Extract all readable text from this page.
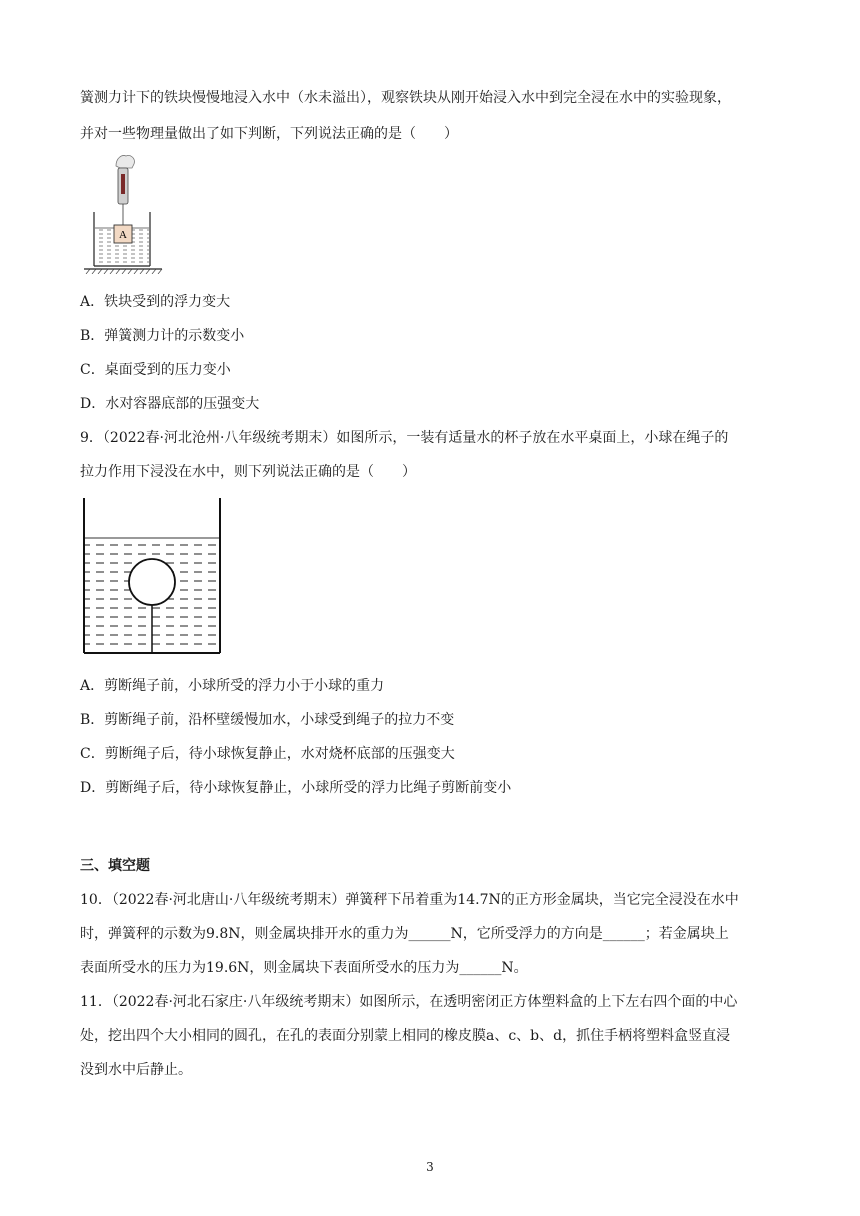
簧测力计下的铁块慢慢地浸入水中（水未溢出），观察铁块从刚开始浸入水中到完全浸在水中的实验现象，
并对一些物理量做出了如下判断，下列说法正确的是（　　）
A
A．铁块受到的浮力变大
B．弹簧测力计的示数变小
C．桌面受到的压力变小
D．水对容器底部的压强变大
9．（2022春·河北沧州·八年级统考期末）如图所示，一装有适量水的杯子放在水平桌面上，小球在绳子的
拉力作用下浸没在水中，则下列说法正确的是（　　）
A．剪断绳子前，小球所受的浮力小于小球的重力
B．剪断绳子前，沿杯壁缓慢加水，小球受到绳子的拉力不变
C．剪断绳子后，待小球恢复静止，水对烧杯底部的压强变大
D．剪断绳子后，待小球恢复静止，小球所受的浮力比绳子剪断前变小
三、填空题
10．（2022春·河北唐山·八年级统考期末）弹簧秤下吊着重为14.7N的正方形金属块，当它完全浸没在水中
时，弹簧秤的示数为9.8N，则金属块排开水的重力为______N，它所受浮力的方向是______；若金属块上
表面所受水的压力为19.6N，则金属块下表面所受水的压力为______N。
11．（2022春·河北石家庄·八年级统考期末）如图所示，在透明密闭正方体塑料盒的上下左右四个面的中心
处，挖出四个大小相同的圆孔，在孔的表面分别蒙上相同的橡皮膜a、c、b、d，抓住手柄将塑料盒竖直浸
没到水中后静止。
3
